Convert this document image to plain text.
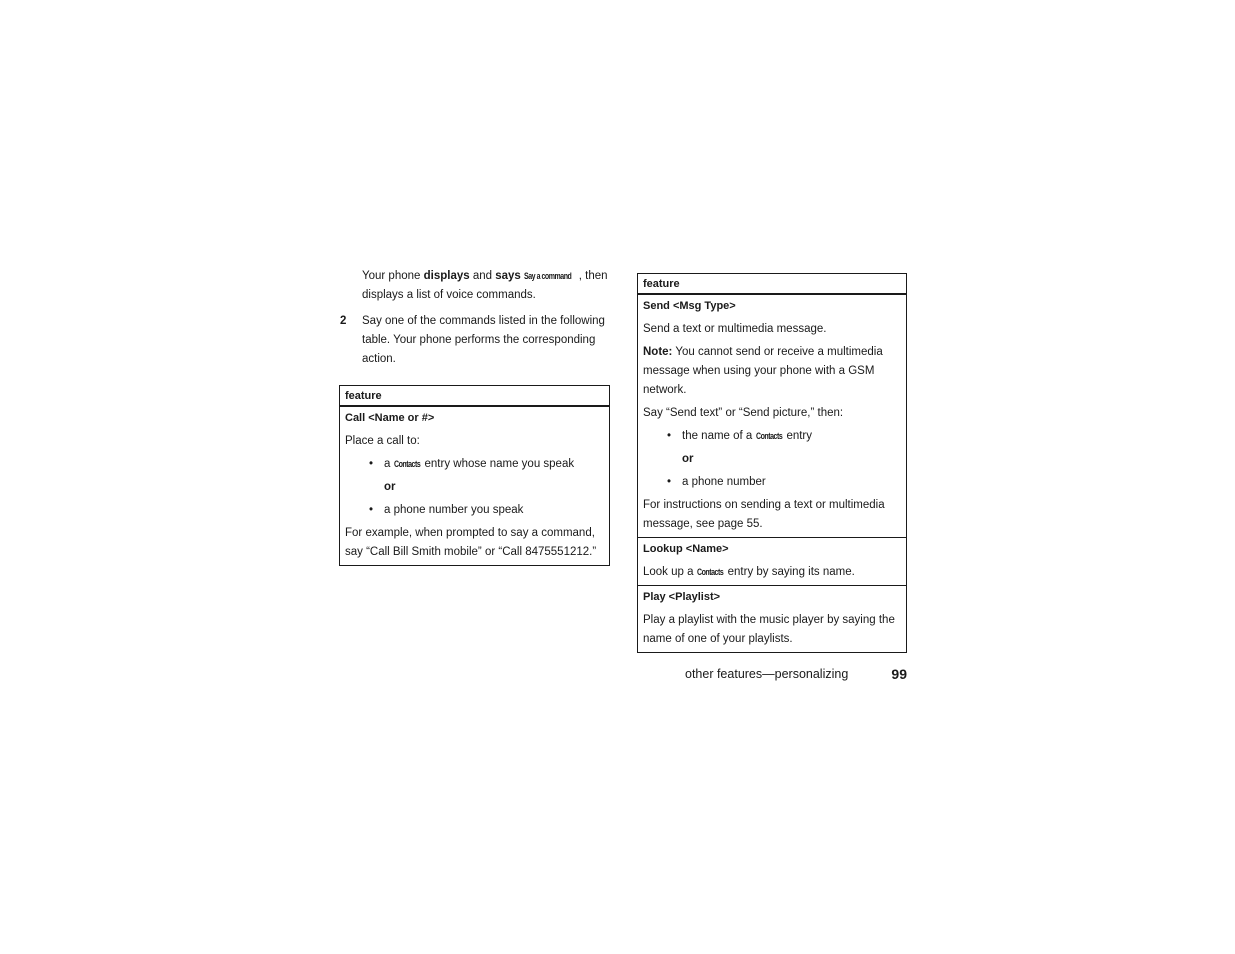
Your phone displays and says Say a command , then displays a list of voice commands.
2 Say one of the commands listed in the following table. Your phone performs the corresponding action.

feature

Call <Name or #>

Place a call to:

• a Contacts entry whose name you speak
or
• a phone number you speak

For example, when prompted to say a command, say “Call Bill Smith mobile” or “Call 8475551212.”

feature

Send <Msg Type>

Send a text or multimedia message.

Note: You cannot send or receive a multimedia message when using your phone with a GSM network.

Say “Send text” or “Send picture,” then:

• the name of a Contacts entry
or
• a phone number

For instructions on sending a text or multimedia message, see page 55.

Lookup <Name>

Look up a Contacts entry by saying its name.

Play <Playlist>

Play a playlist with the music player by saying the name of one of your playlists.

other features—personalizing	99
